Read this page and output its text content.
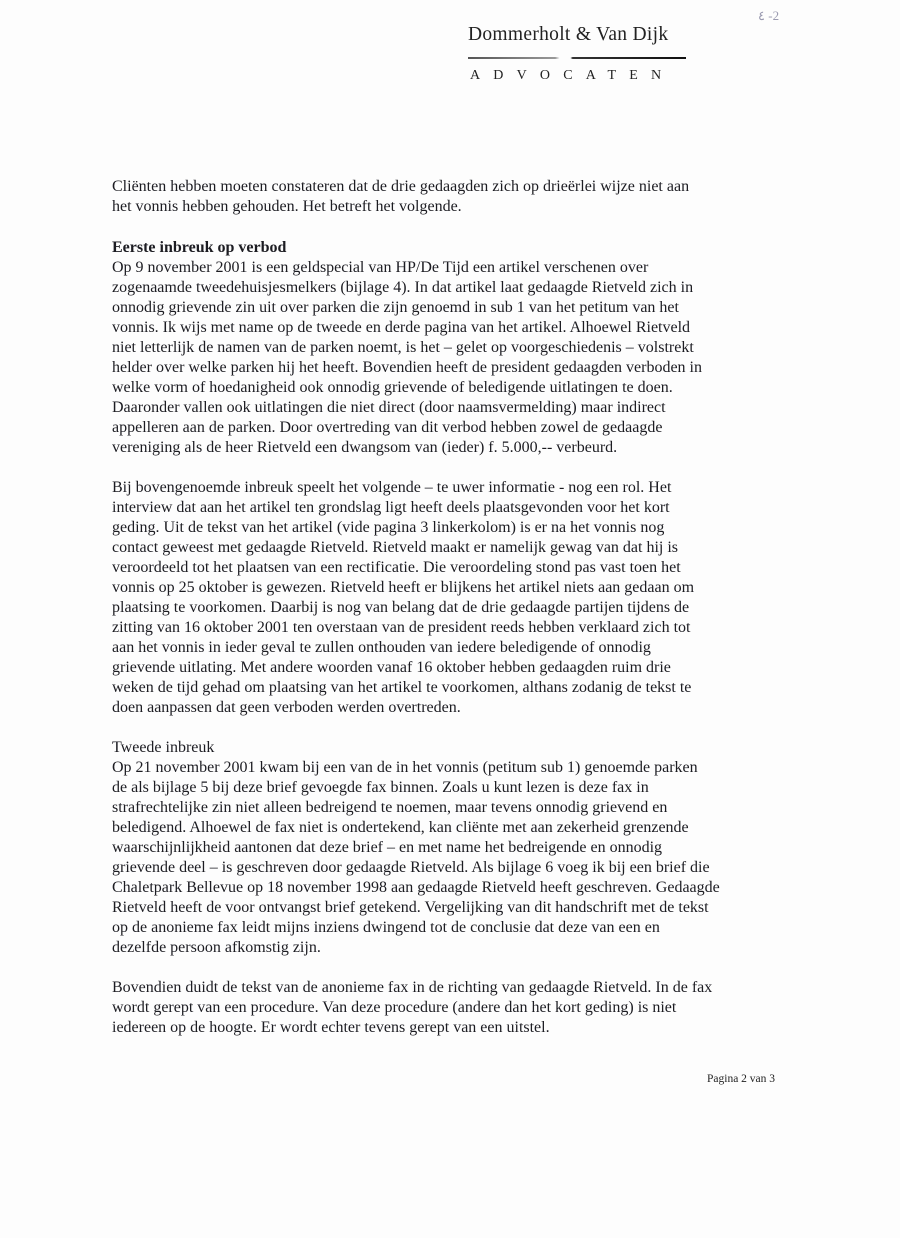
Dommerholt & Van Dijk
ADVOCATEN
٤ -2
Cliënten hebben moeten constateren dat de drie gedaagden zich op drieërlei wijze niet aan
het vonnis hebben gehouden. Het betreft het volgende.
Eerste inbreuk op verbod
Op 9 november 2001 is een geldspecial van HP/De Tijd een artikel verschenen over
zogenaamde tweedehuisjesmelkers (bijlage 4). In dat artikel laat gedaagde Rietveld zich in
onnodig grievende zin uit over parken die zijn genoemd in sub 1 van het petitum van het
vonnis. Ik wijs met name op de tweede en derde pagina van het artikel. Alhoewel Rietveld
niet letterlijk de namen van de parken noemt, is het – gelet op voorgeschiedenis – volstrekt
helder over welke parken hij het heeft. Bovendien heeft de president gedaagden verboden in
welke vorm of hoedanigheid ook onnodig grievende of beledigende uitlatingen te doen.
Daaronder vallen ook uitlatingen die niet direct (door naamsvermelding) maar indirect
appelleren aan de parken. Door overtreding van dit verbod hebben zowel de gedaagde
vereniging als de heer Rietveld een dwangsom van (ieder) f. 5.000,-- verbeurd.
Bij bovengenoemde inbreuk speelt het volgende – te uwer informatie - nog een rol. Het
interview dat aan het artikel ten grondslag ligt heeft deels plaatsgevonden voor het kort
geding. Uit de tekst van het artikel (vide pagina 3 linkerkolom) is er na het vonnis nog
contact geweest met gedaagde Rietveld. Rietveld maakt er namelijk gewag van dat hij is
veroordeeld tot het plaatsen van een rectificatie. Die veroordeling stond pas vast toen het
vonnis op 25 oktober is gewezen. Rietveld heeft er blijkens het artikel niets aan gedaan om
plaatsing te voorkomen. Daarbij is nog van belang dat de drie gedaagde partijen tijdens de
zitting van 16 oktober 2001 ten overstaan van de president reeds hebben verklaard zich tot
aan het vonnis in ieder geval te zullen onthouden van iedere beledigende of onnodig
grievende uitlating. Met andere woorden vanaf 16 oktober hebben gedaagden ruim drie
weken de tijd gehad om plaatsing van het artikel te voorkomen, althans zodanig de tekst te
doen aanpassen dat geen verboden werden overtreden.
Tweede inbreuk
Op 21 november 2001 kwam bij een van de in het vonnis (petitum sub 1) genoemde parken
de als bijlage 5 bij deze brief gevoegde fax binnen. Zoals u kunt lezen is deze fax in
strafrechtelijke zin niet alleen bedreigend te noemen, maar tevens onnodig grievend en
beledigend. Alhoewel de fax niet is ondertekend, kan cliënte met aan zekerheid grenzende
waarschijnlijkheid aantonen dat deze brief – en met name het bedreigende en onnodig
grievende deel – is geschreven door gedaagde Rietveld. Als bijlage 6 voeg ik bij een brief die
Chaletpark Bellevue op 18 november 1998 aan gedaagde Rietveld heeft geschreven. Gedaagde
Rietveld heeft de voor ontvangst brief getekend. Vergelijking van dit handschrift met de tekst
op de anonieme fax leidt mijns inziens dwingend tot de conclusie dat deze van een en
dezelfde persoon afkomstig zijn.
Bovendien duidt de tekst van de anonieme fax in de richting van gedaagde Rietveld. In de fax
wordt gerept van een procedure. Van deze procedure (andere dan het kort geding) is niet
iedereen op de hoogte. Er wordt echter tevens gerept van een uitstel.
Pagina 2 van 3
